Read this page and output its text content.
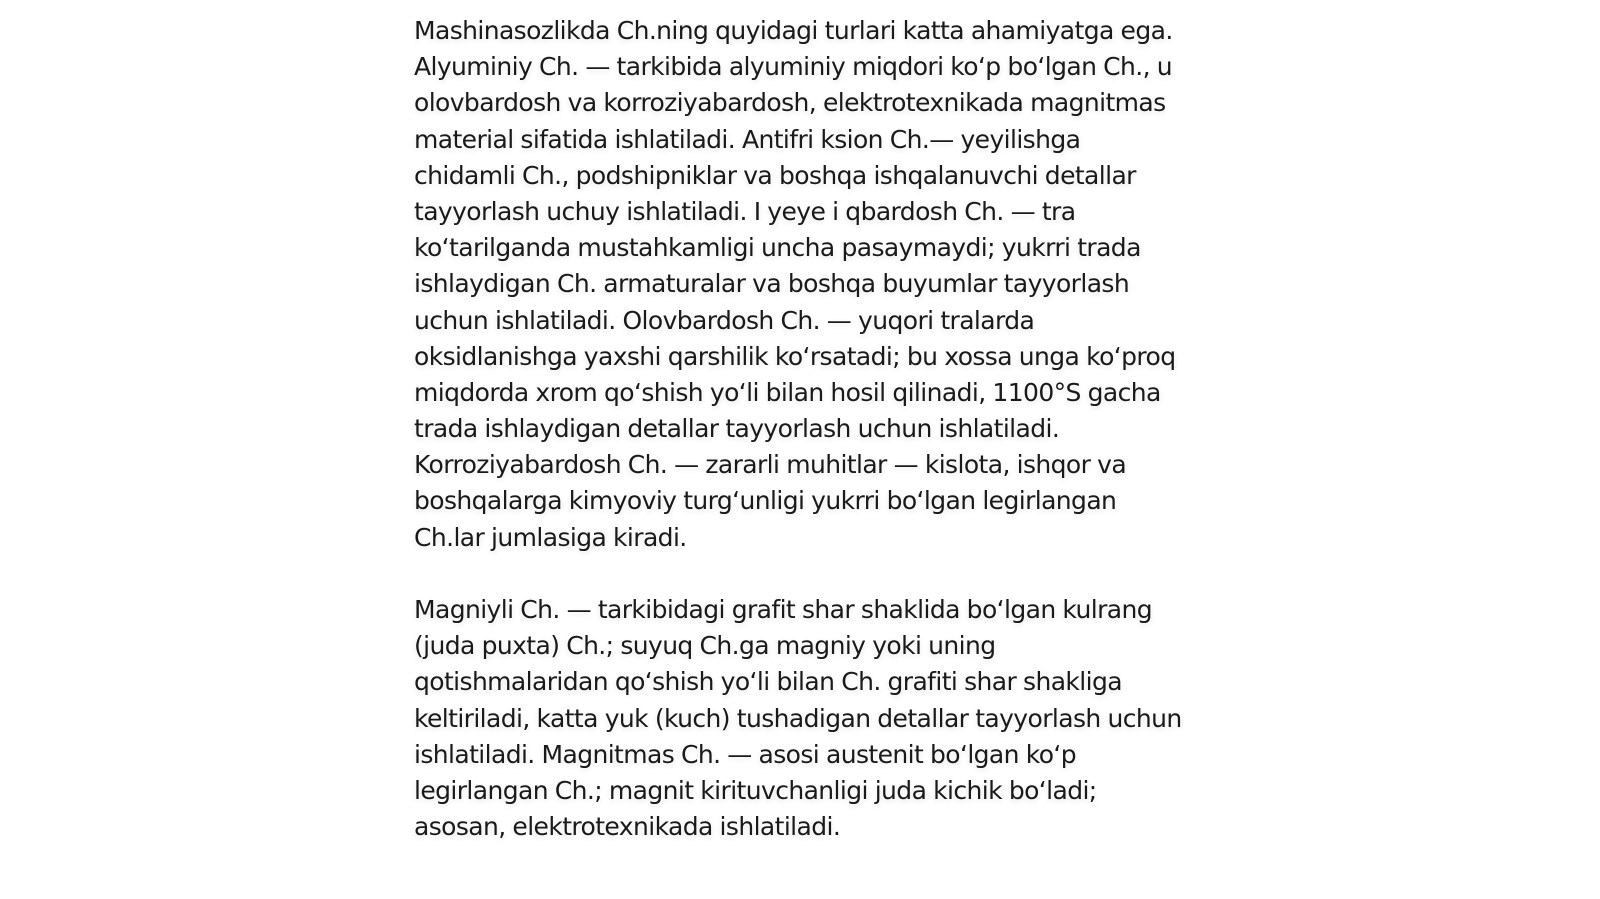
Mashinasozlikda Ch.ning quyidagi turlari katta ahamiyatga ega.
Alyuminiy Ch. — tarkibida alyuminiy miqdori koʻp boʻlgan Ch., u
olovbardosh va korroziyabardosh, elektrotexnikada magnitmas
material sifatida ishlatiladi. Antifri ksion Ch.— yeyilishga
chidamli Ch., podshipniklar va boshqa ishqalanuvchi detallar
tayyorlash uchuy ishlatiladi. I yeye i qbardosh Ch. — tra
koʻtarilganda mustahkamligi uncha pasaymaydi; yukrri trada
ishlaydigan Ch. armaturalar va boshqa buyumlar tayyorlash
uchun ishlatiladi. Olovbardosh Ch. — yuqori tralarda
oksidlanishga yaxshi qarshilik koʻrsatadi; bu xossa unga koʻproq
miqdorda xrom qoʻshish yoʻli bilan hosil qilinadi, 1100°S gacha
trada ishlaydigan detallar tayyorlash uchun ishlatiladi.
Korroziyabardosh Ch. — zararli muhitlar — kislota, ishqor va
boshqalarga kimyoviy turgʻunligi yukrri boʻlgan legirlangan
Ch.lar jumlasiga kiradi.
Magniyli Ch. — tarkibidagi grafit shar shaklida boʻlgan kulrang
(juda puxta) Ch.; suyuq Ch.ga magniy yoki uning
qotishmalaridan qoʻshish yoʻli bilan Ch. grafiti shar shakliga
keltiriladi, katta yuk (kuch) tushadigan detallar tayyorlash uchun
ishlatiladi. Magnitmas Ch. — asosi austenit boʻlgan koʻp
legirlangan Ch.; magnit kirituvchanligi juda kichik boʻladi;
asosan, elektrotexnikada ishlatiladi.
